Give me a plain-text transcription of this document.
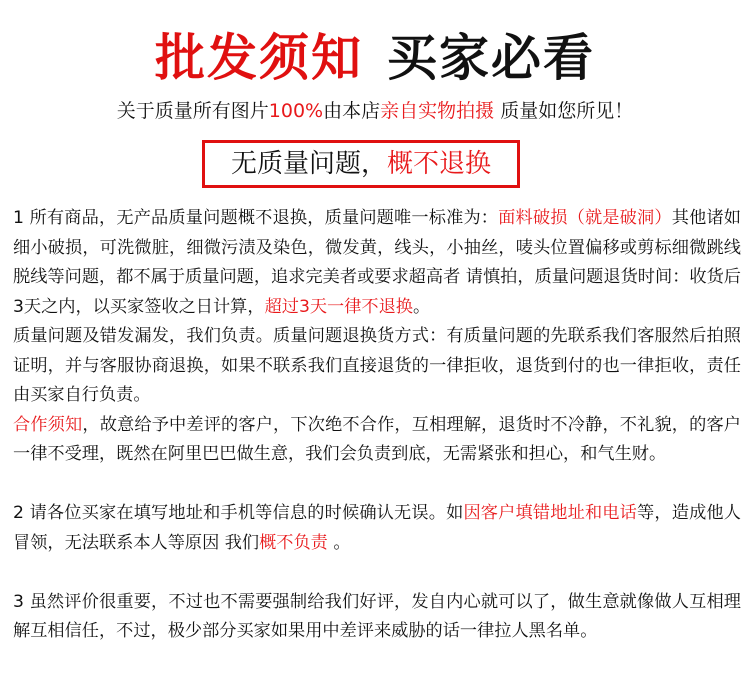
批发须知 买家必看
关于质量所有图片100%由本店亲自实物拍摄 质量如您所见！
无质量问题，概不退换

1 所有商品，无产品质量问题概不退换，质量问题唯一标准为：面料破损（就是破洞）其他诸如细小破损，可洗微脏，细微污渍及染色，微发黄，线头，小抽丝，唛头位置偏移或剪标细微跳线脱线等问题，都不属于质量问题，追求完美者或要求超高者 请慎拍，质量问题退货时间：收货后3天之内，以买家签收之日计算，超过3天一律不退换。

质量问题及错发漏发，我们负责。质量问题退换货方式：有质量问题的先联系我们客服然后拍照证明，并与客服协商退换，如果不联系我们直接退货的一律拒收，退货到付的也一律拒收，责任由买家自行负责。

合作须知，故意给予中差评的客户，下次绝不合作，互相理解，退货时不冷静，不礼貌，的客户一律不受理，既然在阿里巴巴做生意，我们会负责到底，无需紧张和担心，和气生财。

2 请各位买家在填写地址和手机等信息的时候确认无误。如因客户填错地址和电话等，造成他人冒领，无法联系本人等原因 我们概不负责 。

3 虽然评价很重要，不过也不需要强制给我们好评，发自内心就可以了，做生意就像做人互相理解互相信任，不过，极少部分买家如果用中差评来威胁的话一律拉人黑名单。
